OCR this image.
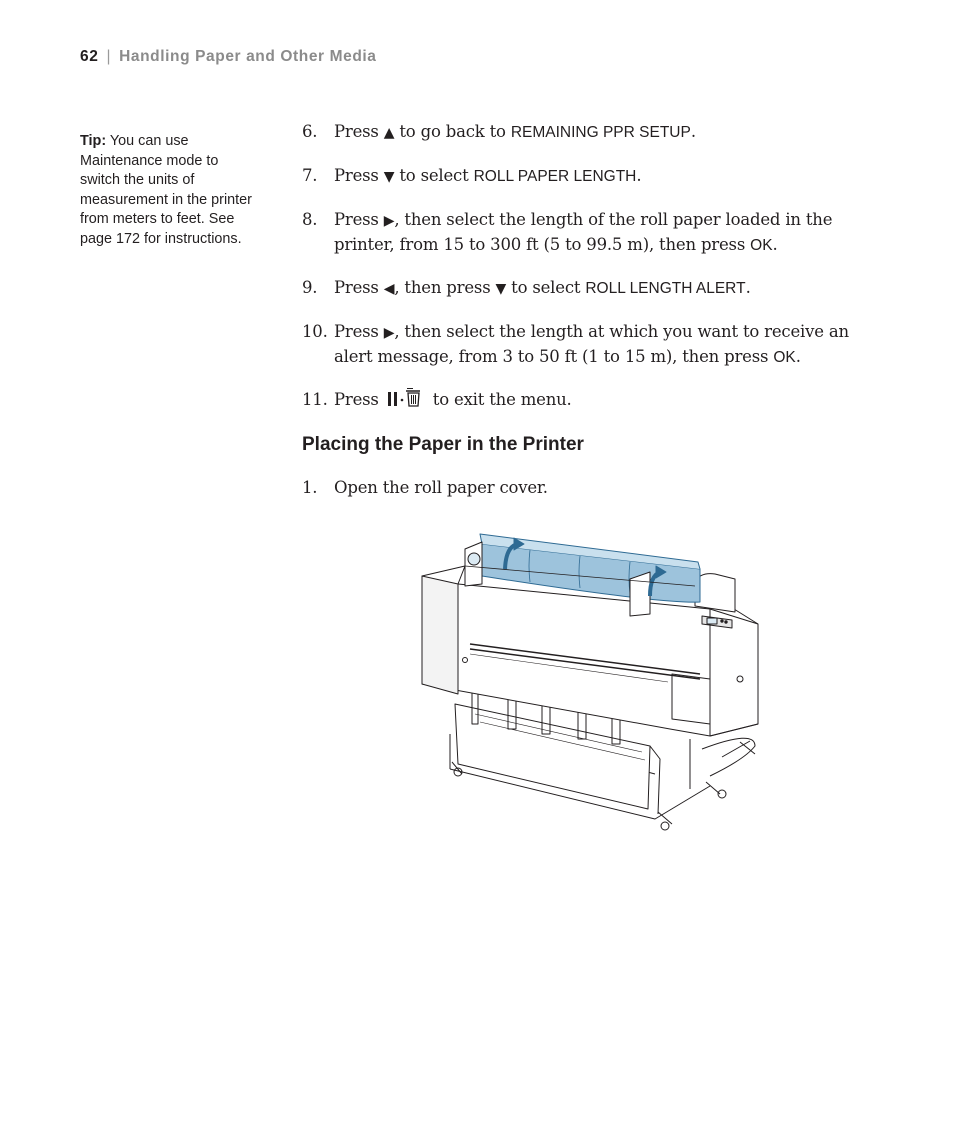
62 | Handling Paper and Other Media
Tip: You can use Maintenance mode to switch the units of measurement in the printer from meters to feet. See page 172 for instructions.
6. Press ▲ to go back to REMAINING PPR SETUP.
7. Press ▼ to select ROLL PAPER LENGTH.
8. Press ▶, then select the length of the roll paper loaded in the printer, from 15 to 300 ft (5 to 99.5 m), then press OK.
9. Press ◀, then press ▼ to select ROLL LENGTH ALERT.
10. Press ▶, then select the length at which you want to receive an alert message, from 3 to 50 ft (1 to 15 m), then press OK.
11. Press	to exit the menu.
Placing the Paper in the Printer
1. Open the roll paper cover.
